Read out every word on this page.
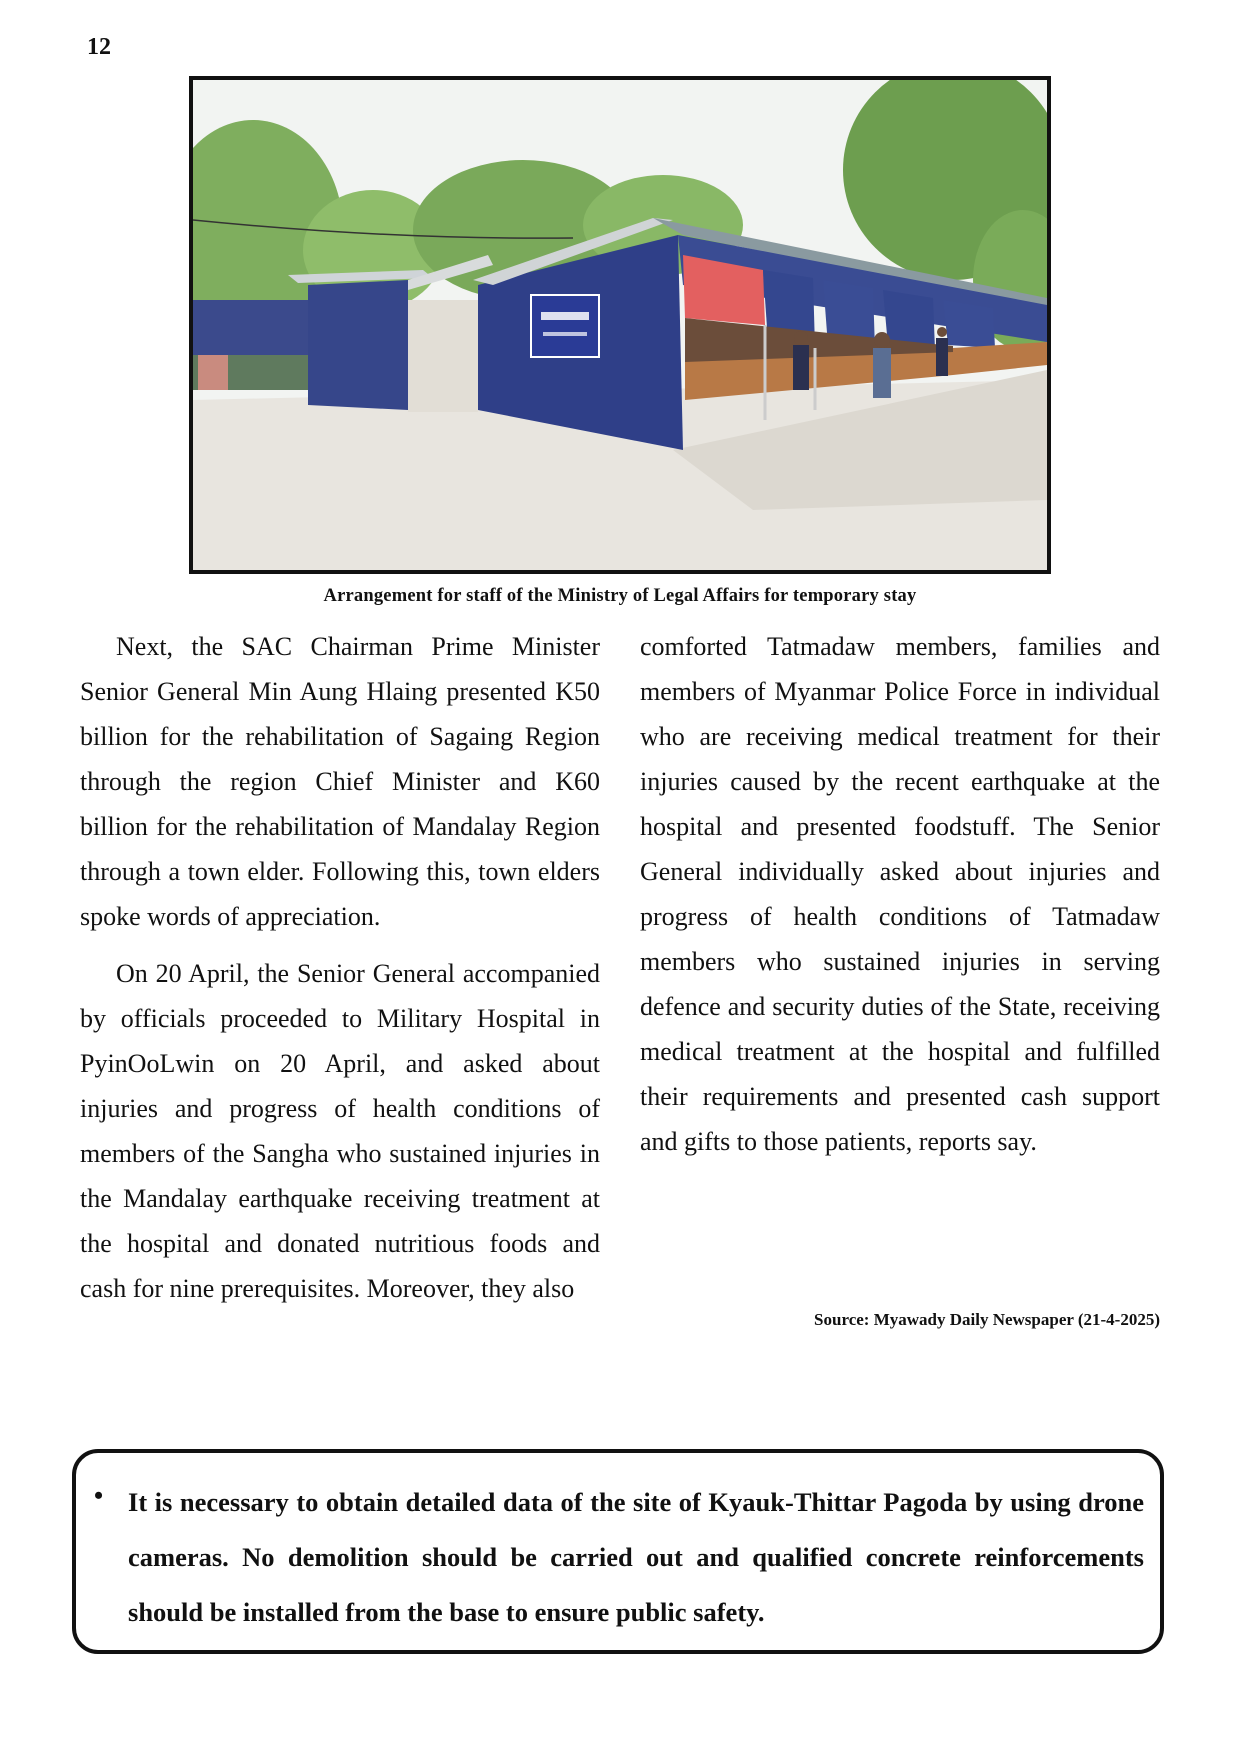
12
Arrangement for staff of the Ministry of Legal Affairs for temporary stay

Next, the SAC Chairman Prime Minister Senior General Min Aung Hlaing presented K50 billion for the rehabilitation of Sagaing Region through the region Chief Minister and K60 billion for the rehabilitation of Mandalay Region through a town elder. Following this, town elders spoke words of appreciation.

On 20 April, the Senior General accompanied by officials proceeded to Military Hospital in PyinOoLwin on 20 April, and asked about injuries and progress of health conditions of members of the Sangha who sustained injuries in the Mandalay earthquake receiving treatment at the hospital and donated nutritious foods and cash for nine prerequisites. Moreover, they also

comforted Tatmadaw members, families and members of Myanmar Police Force in individual who are receiving medical treatment for their injuries caused by the recent earthquake at the hospital and presented foodstuff. The Senior General individually asked about injuries and progress of health conditions of Tatmadaw members who sustained injuries in serving defence and security duties of the State, receiving medical treatment at the hospital and fulfilled their requirements and presented cash support and gifts to those patients, reports say.

Source: Myawady Daily Newspaper (21-4-2025)
• It is necessary to obtain detailed data of the site of Kyauk-Thittar Pagoda by using drone cameras. No demolition should be carried out and qualified concrete reinforcements should be installed from the base to ensure public safety.
